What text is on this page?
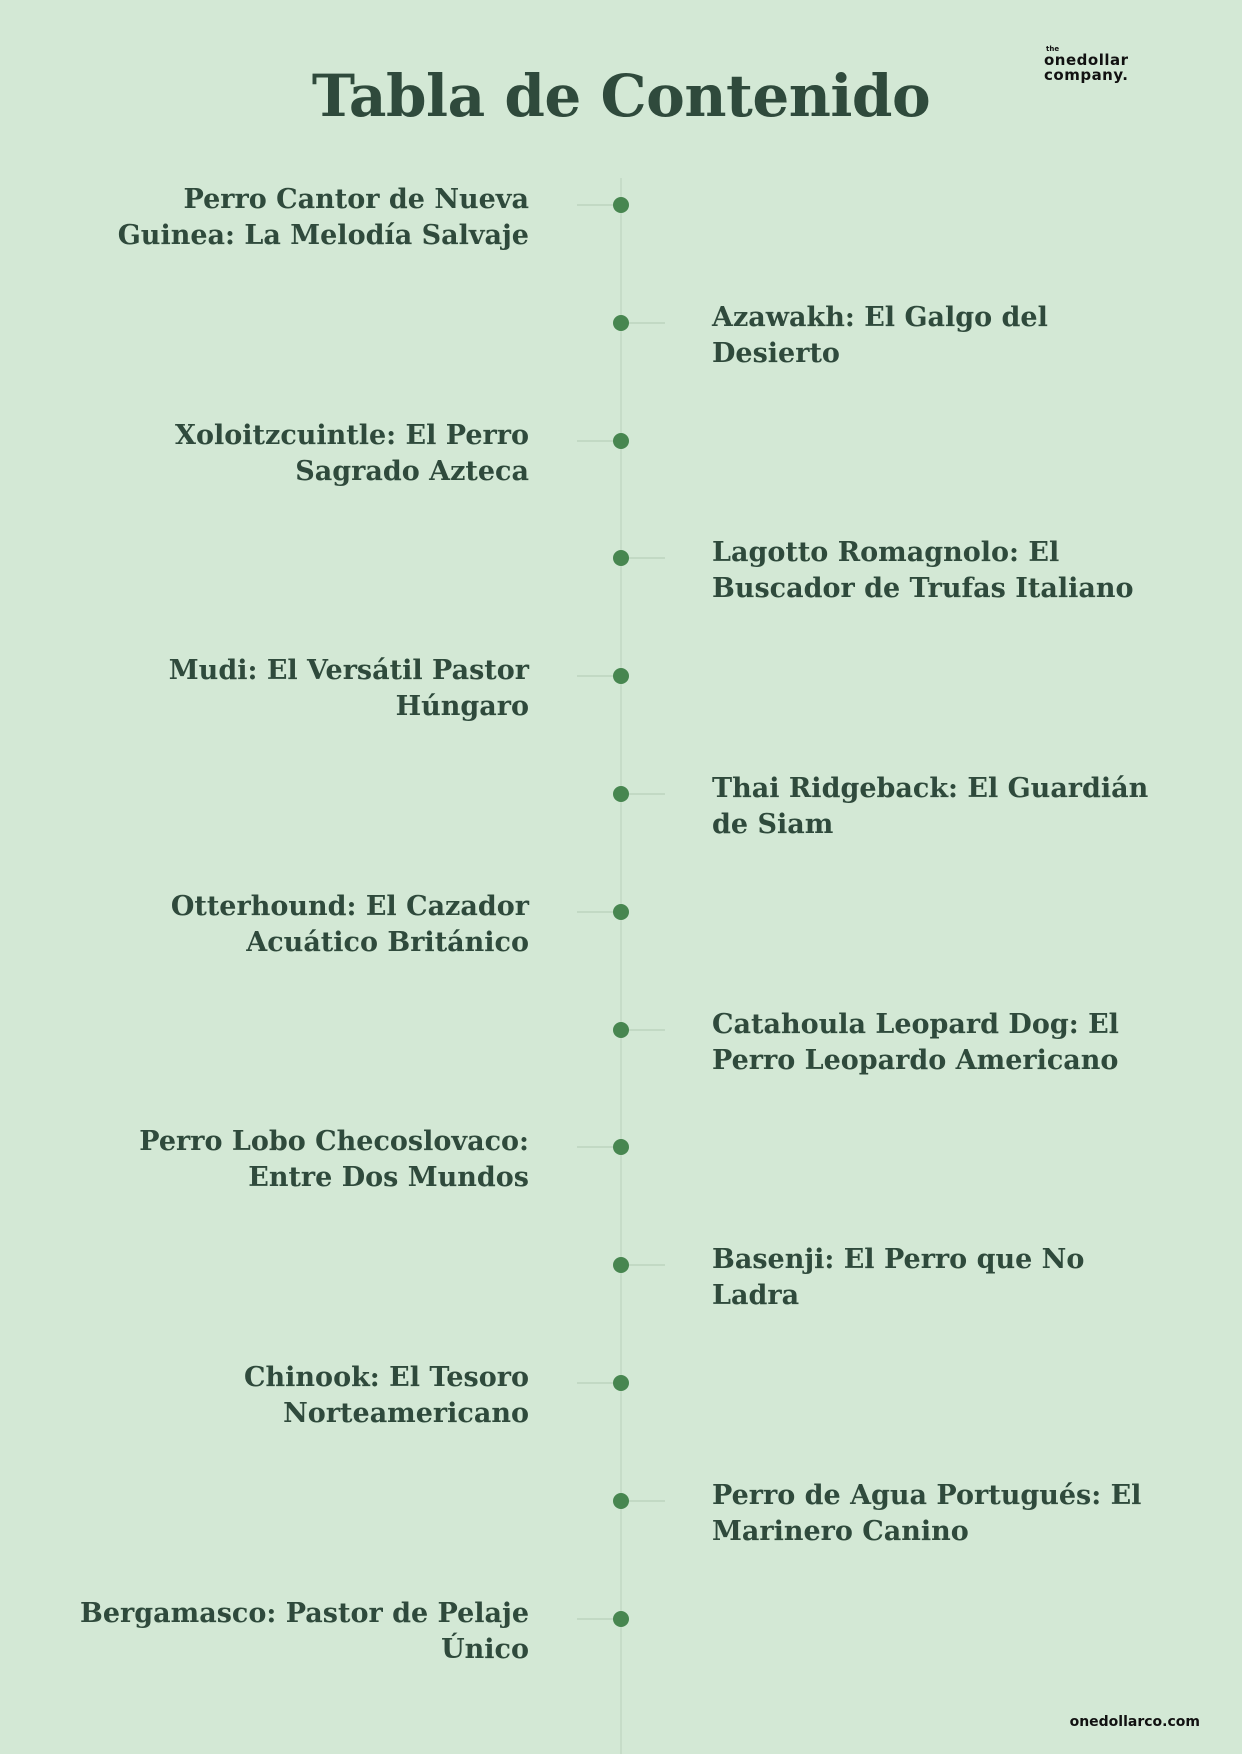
the
onedollar
company.
Tabla de Contenido
Perro Cantor de Nueva Guinea: La Melodía Salvaje
Azawakh: El Galgo del Desierto
Xoloitzcuintle: El Perro Sagrado Azteca
Lagotto Romagnolo: El Buscador de Trufas Italiano
Mudi: El Versátil Pastor Húngaro
Thai Ridgeback: El Guardián de Siam
Otterhound: El Cazador Acuático Británico
Catahoula Leopard Dog: El Perro Leopardo Americano
Perro Lobo Checoslovaco: Entre Dos Mundos
Basenji: El Perro que No Ladra
Chinook: El Tesoro Norteamericano
Perro de Agua Portugués: El Marinero Canino
Bergamasco: Pastor de Pelaje Único
onedollarco.com
